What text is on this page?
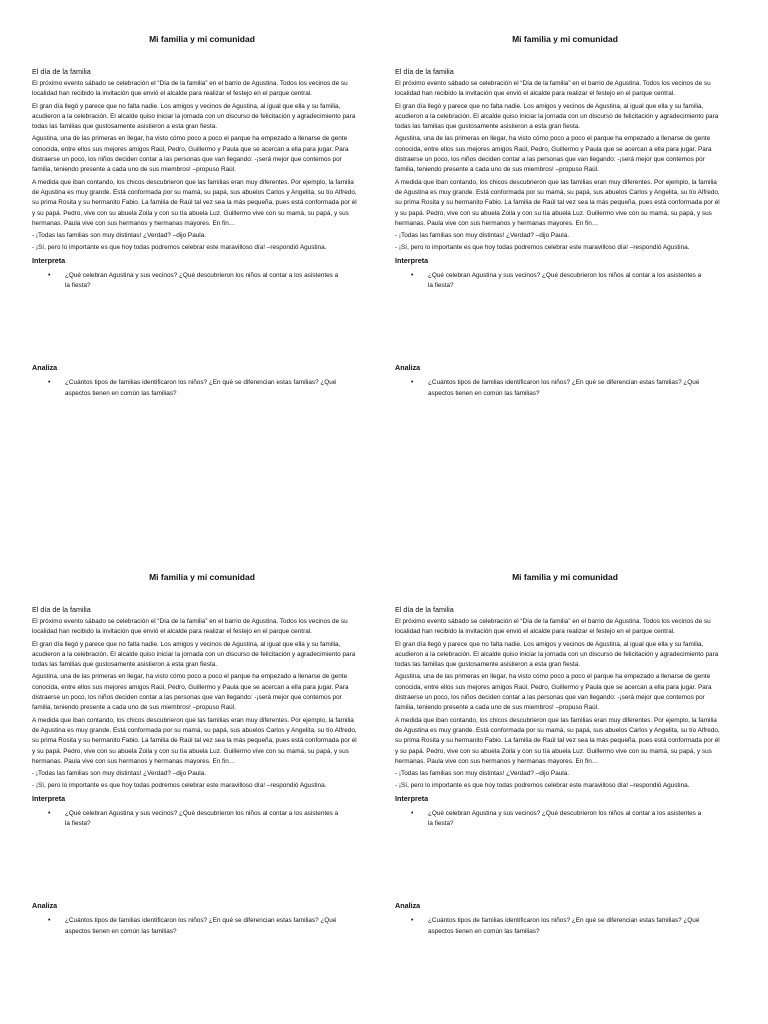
Mi familia y mi comunidad
El día de la familia

El próximo evento sábado se celebración el “Día de la familia” en el barrio de Agustina. Todos los vecinos de su localidad han recibido la invitación que envió el alcalde para realizar el festejo en el parque central.

El gran día llegó y parece que no falta nadie. Los amigos y vecinos de Agustina, al igual que ella y su familia, acudieron a la celebración. El alcalde quiso iniciar la jornada con un discurso de felicitación y agradecimiento para todas las familias que gustosamente asistieron a esta gran fiesta.

Agustina, una de las primeras en llegar, ha visto cómo poco a poco el parque ha empezado a llenarse de gente conocida, entre ellos sus mejores amigos Raúl, Pedro, Guillermo y Paula que se acercan a ella para jugar. Para distraerse un poco, los niños deciden contar a las personas que van llegando: -¡será mejor que contemos por familia, teniendo presente a cada uno de sus miembros! –propuso Raúl.

A medida que iban contando, los chicos descubrieron que las familias eran muy diferentes. Por ejemplo, la familia de Agustina es muy grande. Está conformada por su mamá, su papá, sus abuelos Carlos y Angelita, su tío Alfredo, su prima Rosita y su hermanito Fabio. La familia de Raúl tal vez sea la más pequeña, pues está conformada por él y su papá. Pedro, vive con su abuela Zoila y con su tía abuela Luz. Guillermo vive con su mamá, su papá, y sus hermanas. Paula vive con sus hermanos y hermanas mayores. En fin…

- ¡Todas las familias son muy distintas! ¿Verdad? –dijo Paula.

- ¡Sí, pero lo importante es que hoy todas podremos celebrar este maravilloso día! –respondió Agustina.

Interpreta
• ¿Qué celebran Agustina y sus vecinos? ¿Qué descubrieron los niños al contar a los asistentes a la fiesta?
Analiza
• ¿Cuántos tipos de familias identificaron los niños? ¿En qué se diferencian estas familias? ¿Qué aspectos tienen en común las familias?
Mi familia y mi comunidad
El día de la familia

El próximo evento sábado se celebración el “Día de la familia” en el barrio de Agustina. Todos los vecinos de su localidad han recibido la invitación que envió el alcalde para realizar el festejo en el parque central.

El gran día llegó y parece que no falta nadie. Los amigos y vecinos de Agustina, al igual que ella y su familia, acudieron a la celebración. El alcalde quiso iniciar la jornada con un discurso de felicitación y agradecimiento para todas las familias que gustosamente asistieron a esta gran fiesta.

Agustina, una de las primeras en llegar, ha visto cómo poco a poco el parque ha empezado a llenarse de gente conocida, entre ellos sus mejores amigos Raúl, Pedro, Guillermo y Paula que se acercan a ella para jugar. Para distraerse un poco, los niños deciden contar a las personas que van llegando: -¡será mejor que contemos por familia, teniendo presente a cada uno de sus miembros! –propuso Raúl.

A medida que iban contando, los chicos descubrieron que las familias eran muy diferentes. Por ejemplo, la familia de Agustina es muy grande. Está conformada por su mamá, su papá, sus abuelos Carlos y Angelita, su tío Alfredo, su prima Rosita y su hermanito Fabio. La familia de Raúl tal vez sea la más pequeña, pues está conformada por él y su papá. Pedro, vive con su abuela Zoila y con su tía abuela Luz. Guillermo vive con su mamá, su papá, y sus hermanas. Paula vive con sus hermanos y hermanas mayores. En fin…

- ¡Todas las familias son muy distintas! ¿Verdad? –dijo Paula.

- ¡Sí, pero lo importante es que hoy todas podremos celebrar este maravilloso día! –respondió Agustina.

Interpreta
• ¿Qué celebran Agustina y sus vecinos? ¿Qué descubrieron los niños al contar a los asistentes a la fiesta?
Analiza
• ¿Cuántos tipos de familias identificaron los niños? ¿En qué se diferencian estas familias? ¿Qué aspectos tienen en común las familias?
Mi familia y mi comunidad
El día de la familia

El próximo evento sábado se celebración el “Día de la familia” en el barrio de Agustina. Todos los vecinos de su localidad han recibido la invitación que envió el alcalde para realizar el festejo en el parque central.

El gran día llegó y parece que no falta nadie. Los amigos y vecinos de Agustina, al igual que ella y su familia, acudieron a la celebración. El alcalde quiso iniciar la jornada con un discurso de felicitación y agradecimiento para todas las familias que gustosamente asistieron a esta gran fiesta.

Agustina, una de las primeras en llegar, ha visto cómo poco a poco el parque ha empezado a llenarse de gente conocida, entre ellos sus mejores amigos Raúl, Pedro, Guillermo y Paula que se acercan a ella para jugar. Para distraerse un poco, los niños deciden contar a las personas que van llegando: -¡será mejor que contemos por familia, teniendo presente a cada uno de sus miembros! –propuso Raúl.

A medida que iban contando, los chicos descubrieron que las familias eran muy diferentes. Por ejemplo, la familia de Agustina es muy grande. Está conformada por su mamá, su papá, sus abuelos Carlos y Angelita, su tío Alfredo, su prima Rosita y su hermanito Fabio. La familia de Raúl tal vez sea la más pequeña, pues está conformada por él y su papá. Pedro, vive con su abuela Zoila y con su tía abuela Luz. Guillermo vive con su mamá, su papá, y sus hermanas. Paula vive con sus hermanos y hermanas mayores. En fin…

- ¡Todas las familias son muy distintas! ¿Verdad? –dijo Paula.

- ¡Sí, pero lo importante es que hoy todas podremos celebrar este maravilloso día! –respondió Agustina.

Interpreta
• ¿Qué celebran Agustina y sus vecinos? ¿Qué descubrieron los niños al contar a los asistentes a la fiesta?
Analiza
• ¿Cuántos tipos de familias identificaron los niños? ¿En qué se diferencian estas familias? ¿Qué aspectos tienen en común las familias?
Mi familia y mi comunidad
El día de la familia

El próximo evento sábado se celebración el “Día de la familia” en el barrio de Agustina. Todos los vecinos de su localidad han recibido la invitación que envió el alcalde para realizar el festejo en el parque central.

El gran día llegó y parece que no falta nadie. Los amigos y vecinos de Agustina, al igual que ella y su familia, acudieron a la celebración. El alcalde quiso iniciar la jornada con un discurso de felicitación y agradecimiento para todas las familias que gustosamente asistieron a esta gran fiesta.

Agustina, una de las primeras en llegar, ha visto cómo poco a poco el parque ha empezado a llenarse de gente conocida, entre ellos sus mejores amigos Raúl, Pedro, Guillermo y Paula que se acercan a ella para jugar. Para distraerse un poco, los niños deciden contar a las personas que van llegando: -¡será mejor que contemos por familia, teniendo presente a cada uno de sus miembros! –propuso Raúl.

A medida que iban contando, los chicos descubrieron que las familias eran muy diferentes. Por ejemplo, la familia de Agustina es muy grande. Está conformada por su mamá, su papá, sus abuelos Carlos y Angelita, su tío Alfredo, su prima Rosita y su hermanito Fabio. La familia de Raúl tal vez sea la más pequeña, pues está conformada por él y su papá. Pedro, vive con su abuela Zoila y con su tía abuela Luz. Guillermo vive con su mamá, su papá, y sus hermanas. Paula vive con sus hermanos y hermanas mayores. En fin…

- ¡Todas las familias son muy distintas! ¿Verdad? –dijo Paula.

- ¡Sí, pero lo importante es que hoy todas podremos celebrar este maravilloso día! –respondió Agustina.

Interpreta
• ¿Qué celebran Agustina y sus vecinos? ¿Qué descubrieron los niños al contar a los asistentes a la fiesta?
Analiza
• ¿Cuántos tipos de familias identificaron los niños? ¿En qué se diferencian estas familias? ¿Qué aspectos tienen en común las familias?
